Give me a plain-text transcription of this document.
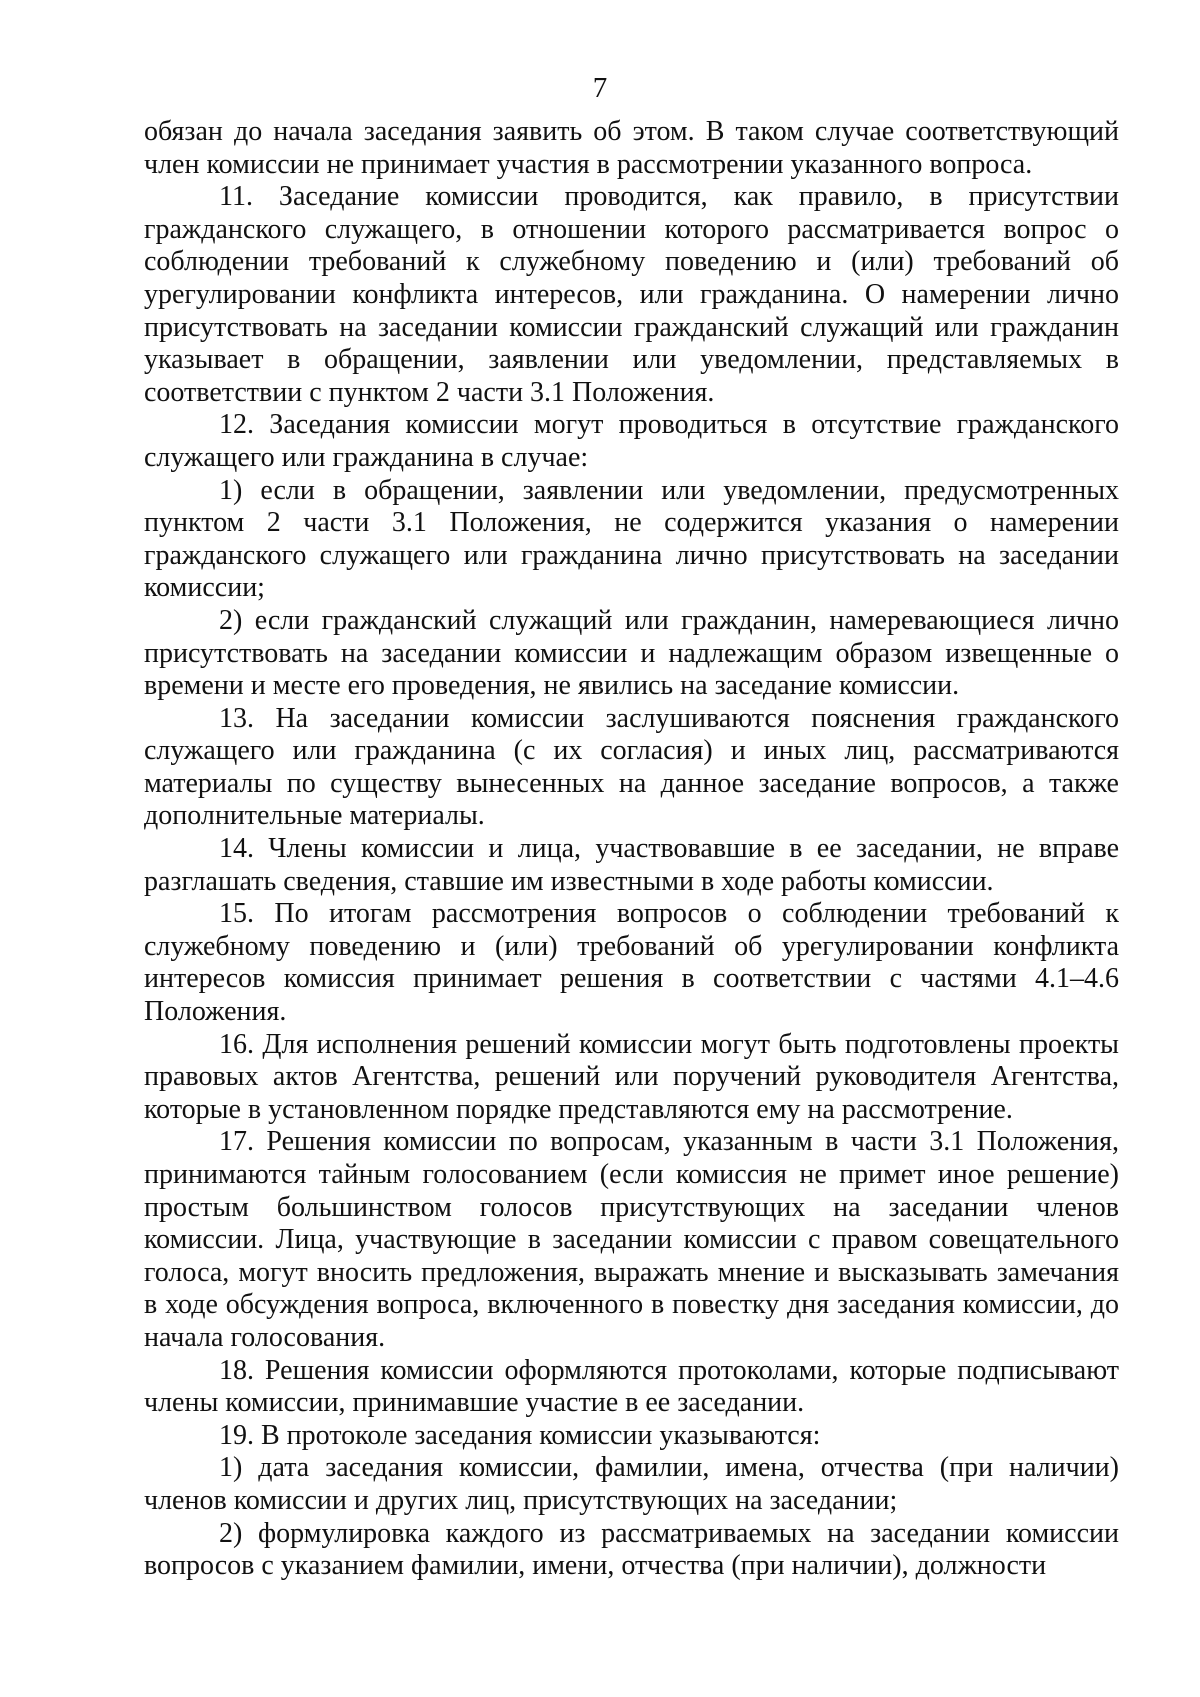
7

обязан до начала заседания заявить об этом. В таком случае соответствующий член комиссии не принимает участия в рассмотрении указанного вопроса.

11. Заседание комиссии проводится, как правило, в присутствии гражданского служащего, в отношении которого рассматривается вопрос о соблюдении требований к служебному поведению и (или) требований об урегулировании конфликта интересов, или гражданина. О намерении лично присутствовать на заседании комиссии гражданский служащий или гражданин указывает в обращении, заявлении или уведомлении, представляемых в соответствии с пунктом 2 части 3.1 Положения.

12. Заседания комиссии могут проводиться в отсутствие гражданского служащего или гражданина в случае:

1) если в обращении, заявлении или уведомлении, предусмотренных пунктом 2 части 3.1 Положения, не содержится указания о намерении гражданского служащего или гражданина лично присутствовать на заседании комиссии;

2) если гражданский служащий или гражданин, намеревающиеся лично присутствовать на заседании комиссии и надлежащим образом извещенные о времени и месте его проведения, не явились на заседание комиссии.

13. На заседании комиссии заслушиваются пояснения гражданского служащего или гражданина (с их согласия) и иных лиц, рассматриваются материалы по существу вынесенных на данное заседание вопросов, а также дополнительные материалы.

14. Члены комиссии и лица, участвовавшие в ее заседании, не вправе разглашать сведения, ставшие им известными в ходе работы комиссии.

15. По итогам рассмотрения вопросов о соблюдении требований к служебному поведению и (или) требований об урегулировании конфликта интересов комиссия принимает решения в соответствии с частями 4.1–4.6 Положения.

16. Для исполнения решений комиссии могут быть подготовлены проекты правовых актов Агентства, решений или поручений руководителя Агентства, которые в установленном порядке представляются ему на рассмотрение.

17. Решения комиссии по вопросам, указанным в части 3.1 Положения, принимаются тайным голосованием (если комиссия не примет иное решение) простым большинством голосов присутствующих на заседании членов комиссии. Лица, участвующие в заседании комиссии с правом совещательного голоса, могут вносить предложения, выражать мнение и высказывать замечания в ходе обсуждения вопроса, включенного в повестку дня заседания комиссии, до начала голосования.

18. Решения комиссии оформляются протоколами, которые подписывают члены комиссии, принимавшие участие в ее заседании.

19. В протоколе заседания комиссии указываются:

1) дата заседания комиссии, фамилии, имена, отчества (при наличии) членов комиссии и других лиц, присутствующих на заседании;

2) формулировка каждого из рассматриваемых на заседании комиссии вопросов с указанием фамилии, имени, отчества (при наличии), должности
